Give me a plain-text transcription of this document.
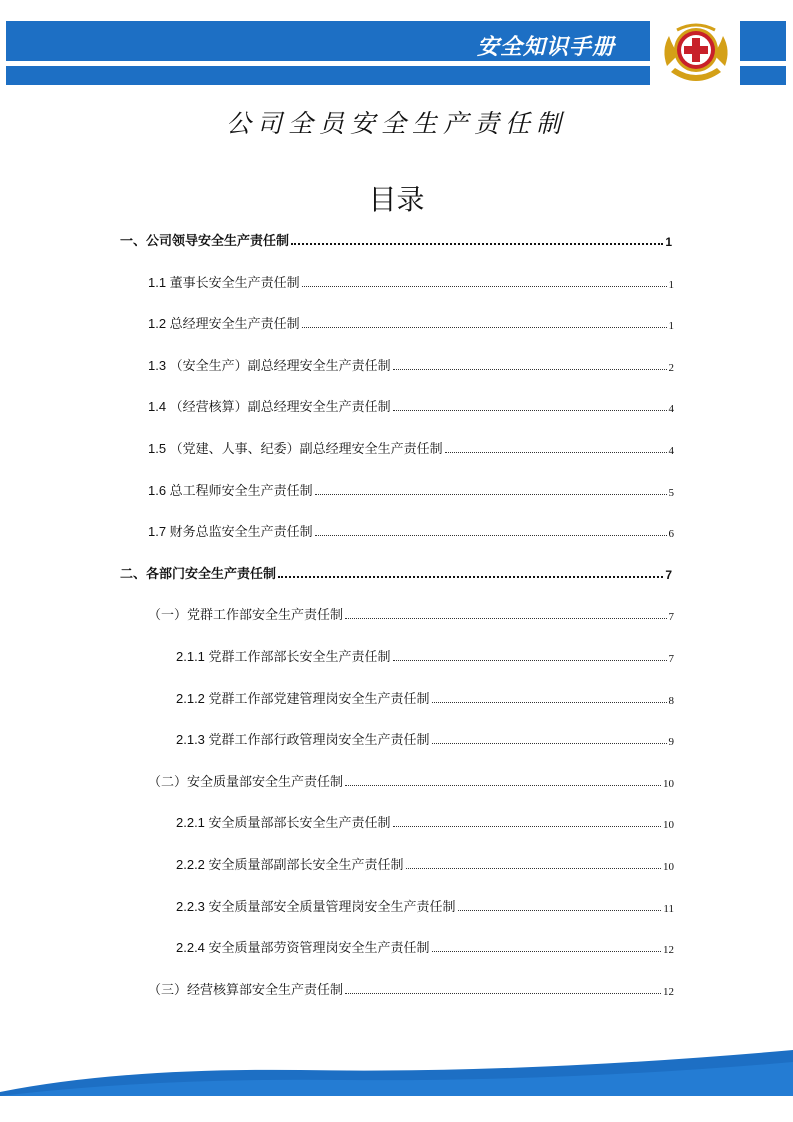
安全知识手册
公司全员安全生产责任制
目录
一、公司领导安全生产责任制	1
1.1 董事长安全生产责任制	1
1.2 总经理安全生产责任制	1
1.3 （安全生产）副总经理安全生产责任制	2
1.4 （经营核算）副总经理安全生产责任制	4
1.5 （党建、人事、纪委）副总经理安全生产责任制	4
1.6 总工程师安全生产责任制	5
1.7 财务总监安全生产责任制	6
二、各部门安全生产责任制	7
（一）党群工作部安全生产责任制	7
2.1.1 党群工作部部长安全生产责任制	7
2.1.2 党群工作部党建管理岗安全生产责任制	8
2.1.3 党群工作部行政管理岗安全生产责任制	9
（二）安全质量部安全生产责任制	10
2.2.1 安全质量部部长安全生产责任制	10
2.2.2 安全质量部副部长安全生产责任制	10
2.2.3 安全质量部安全质量管理岗安全生产责任制	11
2.2.4 安全质量部劳资管理岗安全生产责任制	12
（三）经营核算部安全生产责任制	12
